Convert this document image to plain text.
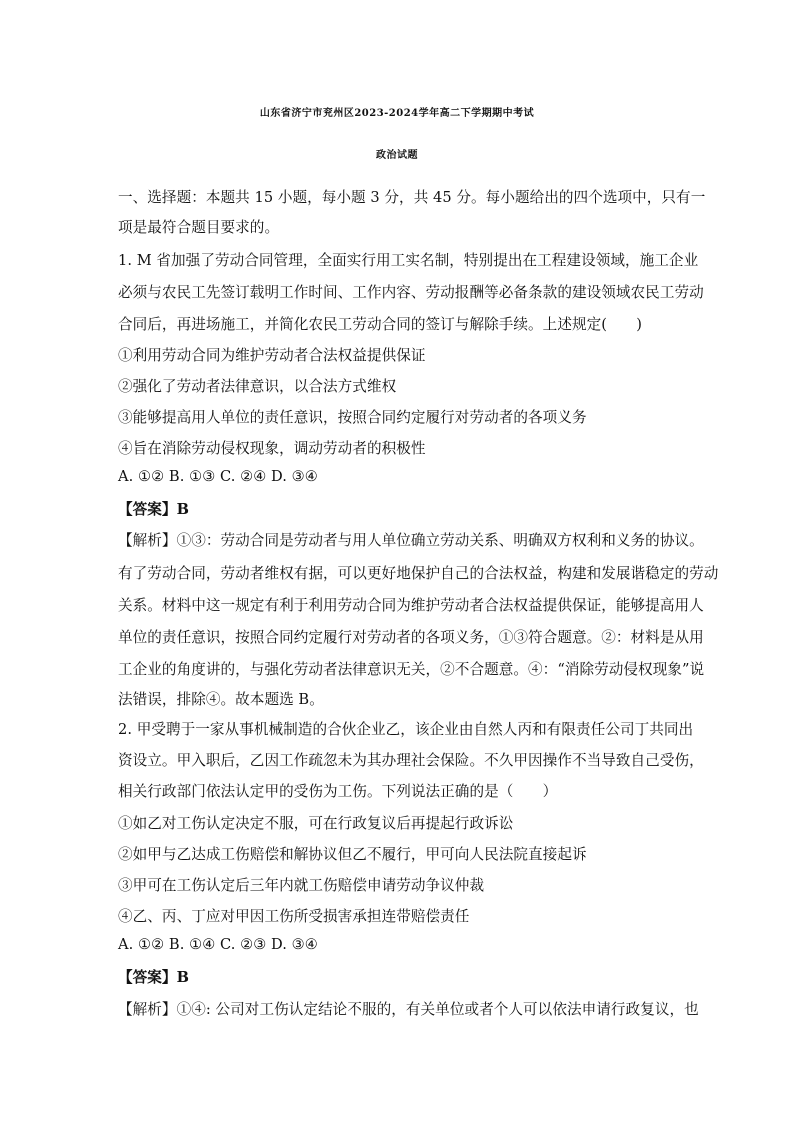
山东省济宁市兖州区2023-2024学年高二下学期期中考试
政治试题
一、选择题：本题共 15 小题，每小题 3 分，共 45 分。每小题给出的四个选项中，只有一
项是最符合题目要求的。
1. M 省加强了劳动合同管理，全面实行用工实名制，特别提出在工程建设领域，施工企业
必须与农民工先签订载明工作时间、工作内容、劳动报酬等必备条款的建设领域农民工劳动
合同后，再进场施工，并简化农民工劳动合同的签订与解除手续。上述规定(　　)
①利用劳动合同为维护劳动者合法权益提供保证
②强化了劳动者法律意识，以合法方式维权
③能够提高用人单位的责任意识，按照合同约定履行对劳动者的各项义务
④旨在消除劳动侵权现象，调动劳动者的积极性
A. ①② B. ①③ C. ②④ D. ③④
【答案】B
【解析】①③：劳动合同是劳动者与用人单位确立劳动关系、明确双方权利和义务的协议。
有了劳动合同，劳动者维权有据，可以更好地保护自己的合法权益，构建和发展谐稳定的劳动
关系。材料中这一规定有利于利用劳动合同为维护劳动者合法权益提供保证，能够提高用人
单位的责任意识，按照合同约定履行对劳动者的各项义务，①③符合题意。②：材料是从用
工企业的角度讲的，与强化劳动者法律意识无关，②不合题意。④：“消除劳动侵权现象”说
法错误，排除④。故本题选 B。
2. 甲受聘于一家从事机械制造的合伙企业乙，该企业由自然人丙和有限责任公司丁共同出
资设立。甲入职后，乙因工作疏忽未为其办理社会保险。不久甲因操作不当导致自己受伤，
相关行政部门依法认定甲的受伤为工伤。下列说法正确的是（　　）
①如乙对工伤认定决定不服，可在行政复议后再提起行政诉讼
②如甲与乙达成工伤赔偿和解协议但乙不履行，甲可向人民法院直接起诉
③甲可在工伤认定后三年内就工伤赔偿申请劳动争议仲裁
④乙、丙、丁应对甲因工伤所受损害承担连带赔偿责任
A. ①② B. ①④ C. ②③ D. ③④
【答案】B
【解析】①④: 公司对工伤认定结论不服的，有关单位或者个人可以依法申请行政复议，也
